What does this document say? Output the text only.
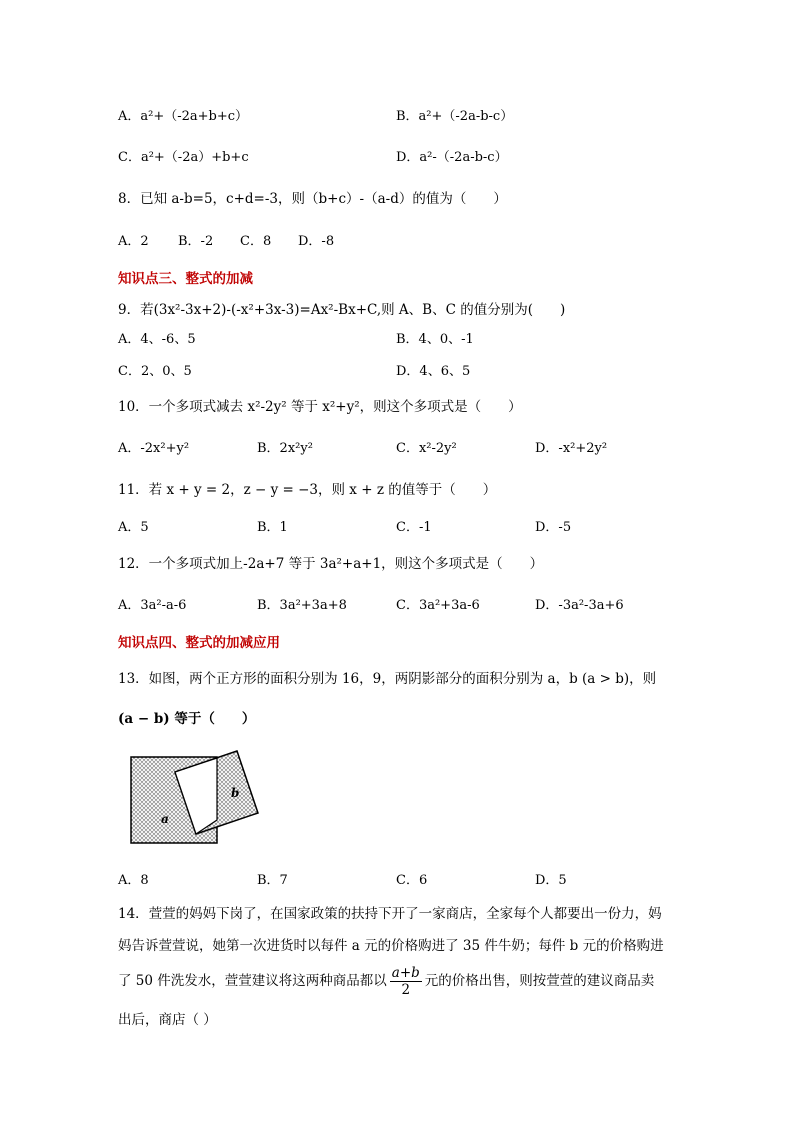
A．a²+（-2a+b+c）	B．a²+（-2a-b-c）
C．a²+（-2a）+b+c	D．a²-（-2a-b-c）
8．已知 a-b=5，c+d=-3，则（b+c）-（a-d）的值为（　　）
A．2 B．-2 C．8 D．-8
知识点三、整式的加减
9．若(3x²-3x+2)-(-x²+3x-3)=Ax²-Bx+C,则 A、B、C 的值分别为(　　)
A．4、-6、5	B．4、0、-1
C．2、0、5	D．4、6、5
10．一个多项式减去 x²-2y² 等于 x²+y²，则这个多项式是（　　）
A．-2x²+y²	B．2x²y²	C．x²-2y²	D．-x²+2y²
11．若 x + y = 2，z − y = −3，则 x + z 的值等于（　　）
A．5	B．1	C．-1	D．-5
12．一个多项式加上-2a+7 等于 3a²+a+1，则这个多项式是（　　）
A．3a²-a-6	B．3a²+3a+8	C．3a²+3a-6	D．-3a²-3a+6
知识点四、整式的加减应用
13．如图，两个正方形的面积分别为 16，9，两阴影部分的面积分别为 a，b (a > b)，则
(a − b) 等于（　　）
a
b
A．8	B．7	C．6	D．5
14．萱萱的妈妈下岗了，在国家政策的扶持下开了一家商店，全家每个人都要出一份力，妈
妈告诉萱萱说，她第一次进货时以每件 a 元的价格购进了 35 件牛奶；每件 b 元的价格购进
了 50 件洗发水，萱萱建议将这两种商品都以 $\frac{a+b}{2}$ 元的价格出售，则按萱萱的建议商品卖
出后，商店（ ）
